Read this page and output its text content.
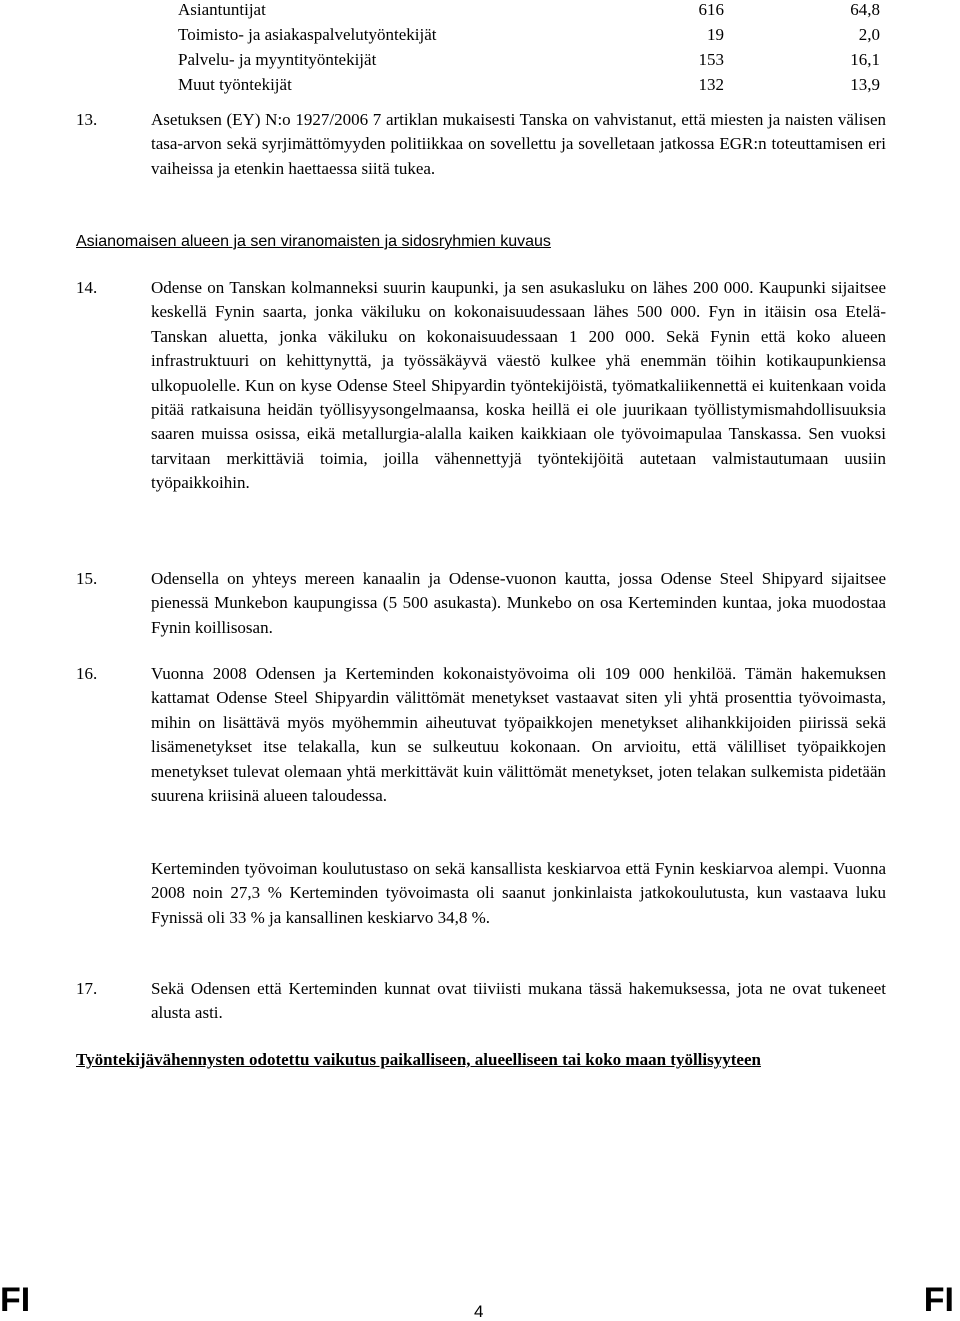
Asiantuntijat	616	64,8
Toimisto- ja asiakaspalvelutyöntekijät	19	2,0
Palvelu- ja myyntityöntekijät	153	16,1
Muut työntekijät	132	13,9
13.	Asetuksen (EY) N:o 1927/2006 7 artiklan mukaisesti Tanska on vahvistanut, että miesten ja naisten välisen tasa-arvon sekä syrjimättömyyden politiikkaa on sovellettu ja sovelletaan jatkossa EGR:n toteuttamisen eri vaiheissa ja etenkin haettaessa siitä tukea.
Asianomaisen alueen ja sen viranomaisten ja sidosryhmien kuvaus
14.	Odense on Tanskan kolmanneksi suurin kaupunki, ja sen asukasluku on lähes 200 000. Kaupunki sijaitsee keskellä Fynin saarta, jonka väkiluku on kokonaisuudessaan lähes 500 000. Fyn in itäisin osa Etelä-Tanskan aluetta, jonka väkiluku on kokonaisuudessaan 1 200 000. Sekä Fynin että koko alueen infrastruktuuri on kehittynyttä, ja työssäkäyvä väestö kulkee yhä enemmän töihin kotikaupunkiensa ulkopuolelle. Kun on kyse Odense Steel Shipyardin työntekijöistä, työmatkaliikennettä ei kuitenkaan voida pitää ratkaisuna heidän työllisyysongelmaansa, koska heillä ei ole juurikaan työllistymismahdollisuuksia saaren muissa osissa, eikä metallurgia-alalla kaiken kaikkiaan ole työvoimapulaa Tanskassa. Sen vuoksi tarvitaan merkittäviä toimia, joilla vähennettyjä työntekijöitä autetaan valmistautumaan uusiin työpaikkoihin.
15.	Odensella on yhteys mereen kanaalin ja Odense-vuonon kautta, jossa Odense Steel Shipyard sijaitsee pienessä Munkebon kaupungissa (5 500 asukasta). Munkebo on osa Kerteminden kuntaa, joka muodostaa Fynin koillisosan.
16.	Vuonna 2008 Odensen ja Kerteminden kokonaistyövoima oli 109 000 henkilöä. Tämän hakemuksen kattamat Odense Steel Shipyardin välittömät menetykset vastaavat siten yli yhtä prosenttia työvoimasta, mihin on lisättävä myös myöhemmin aiheutuvat työpaikkojen menetykset alihankkijoiden piirissä sekä lisämenetykset itse telakalla, kun se sulkeutuu kokonaan. On arvioitu, että välilliset työpaikkojen menetykset tulevat olemaan yhtä merkittävät kuin välittömät menetykset, joten telakan sulkemista pidetään suurena kriisinä alueen taloudessa.
Kerteminden työvoiman koulutustaso on sekä kansallista keskiarvoa että Fynin keskiarvoa alempi. Vuonna 2008 noin 27,3 % Kerteminden työvoimasta oli saanut jonkinlaista jatkokoulutusta, kun vastaava luku Fynissä oli 33 % ja kansallinen keskiarvo 34,8 %.
17.	Sekä Odensen että Kerteminden kunnat ovat tiiviisti mukana tässä hakemuksessa, jota ne ovat tukeneet alusta asti.
Työntekijävähennysten odotettu vaikutus paikalliseen, alueelliseen tai koko maan työllisyyteen
FI	4	FI
